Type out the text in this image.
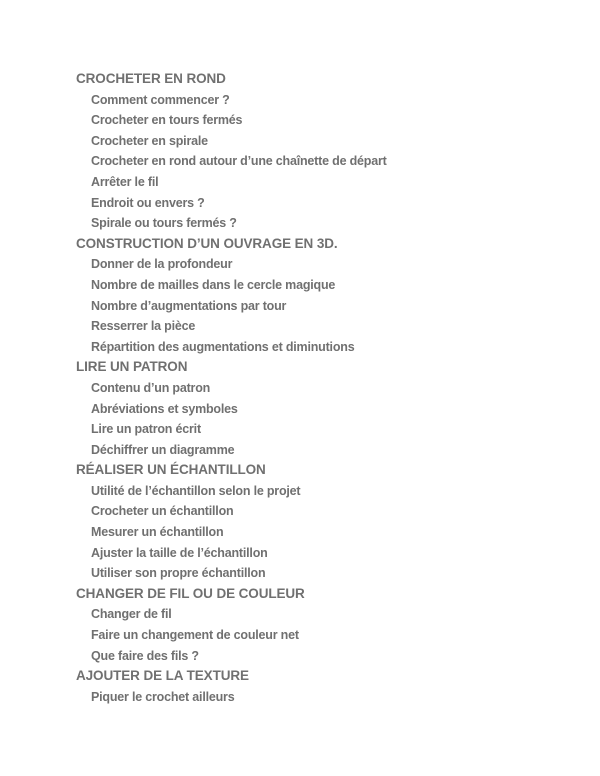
CROCHETER EN ROND
Comment commencer ?
Crocheter en tours fermés
Crocheter en spirale
Crocheter en rond autour d’une chaînette de départ
Arrêter le fil
Endroit ou envers ?
Spirale ou tours fermés ?
CONSTRUCTION D’UN OUVRAGE EN 3D.
Donner de la profondeur
Nombre de mailles dans le cercle magique
Nombre d’augmentations par tour
Resserrer la pièce
Répartition des augmentations et diminutions
LIRE UN PATRON
Contenu d’un patron
Abréviations et symboles
Lire un patron écrit
Déchiffrer un diagramme
RÉALISER UN ÉCHANTILLON
Utilité de l’échantillon selon le projet
Crocheter un échantillon
Mesurer un échantillon
Ajuster la taille de l’échantillon
Utiliser son propre échantillon
CHANGER DE FIL OU DE COULEUR
Changer de fil
Faire un changement de couleur net
Que faire des fils ?
AJOUTER DE LA TEXTURE
Piquer le crochet ailleurs
